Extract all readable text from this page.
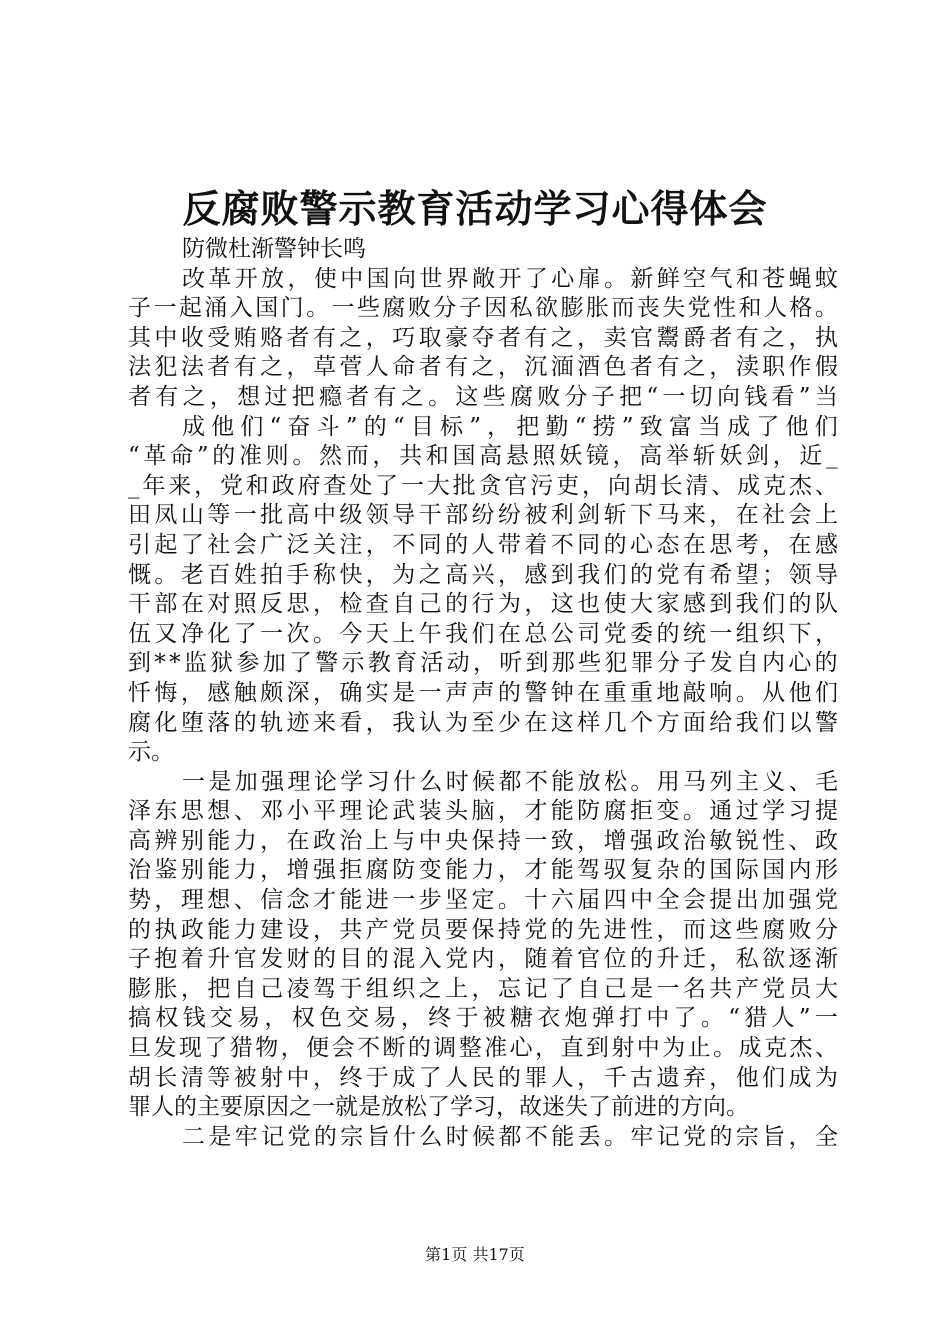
反腐败警示教育活动学习心得体会
防微杜渐警钟长鸣
改 革 开 放 ， 使 中 国 向 世 界 敞 开 了 心 扉 。 新 鲜 空 气 和 苍 蝇 蚊
子 一 起 涌 入 国 门 。 一 些 腐 败 分 子 因 私 欲 膨 胀 而 丧 失 党 性 和 人 格 。
其 中 收 受 贿 赂 者 有 之 ， 巧 取 豪 夺 者 有 之 ， 卖 官 鬻 爵 者 有 之 ， 执
法 犯 法 者 有 之 ， 草 菅 人 命 者 有 之 ， 沉 湎 酒 色 者 有 之 ， 渎 职 作 假
者 有 之 ， 想 过 把 瘾 者 有 之 。 这 些 腐 败 分 子 把 “ 一 切 向 钱 看 ” 当
成 他 们 “ 奋 斗 ” 的 “ 目 标 ” ， 把 勤 “ 捞 ” 致 富 当 成 了 他 们
“ 革 命 ” 的 准 则 。 然 而 ， 共 和 国 高 悬 照 妖 镜 ， 高 举 斩 妖 剑 ， 近 _
_ 年 来 ， 党 和 政 府 查 处 了 一 大 批 贪 官 污 吏 ， 向 胡 长 清 、 成 克 杰 、
田 凤 山 等 一 批 高 中 级 领 导 干 部 纷 纷 被 利 剑 斩 下 马 来 ， 在 社 会 上
引 起 了 社 会 广 泛 关 注 ， 不 同 的 人 带 着 不 同 的 心 态 在 思 考 ， 在 感
慨 。 老 百 姓 拍 手 称 快 ， 为 之 高 兴 ， 感 到 我 们 的 党 有 希 望 ； 领 导
干 部 在 对 照 反 思 ， 检 查 自 己 的 行 为 ， 这 也 使 大 家 感 到 我 们 的 队
伍 又 净 化 了 一 次 。 今 天 上 午 我 们 在 总 公 司 党 委 的 统 一 组 织 下 ，
到 * * 监 狱 参 加 了 警 示 教 育 活 动 ， 听 到 那 些 犯 罪 分 子 发 自 内 心 的
忏 悔 ， 感 触 颇 深 ， 确 实 是 一 声 声 的 警 钟 在 重 重 地 敲 响 。 从 他 们
腐 化 堕 落 的 轨 迹 来 看 ， 我 认 为 至 少 在 这 样 几 个 方 面 给 我 们 以 警
示。
一 是 加 强 理 论 学 习 什 么 时 候 都 不 能 放 松 。 用 马 列 主 义 、 毛
泽 东 思 想 、 邓 小 平 理 论 武 装 头 脑 ， 才 能 防 腐 拒 变 。 通 过 学 习 提
高 辨 别 能 力 ， 在 政 治 上 与 中 央 保 持 一 致 ， 增 强 政 治 敏 锐 性 、 政
治 鉴 别 能 力 ， 增 强 拒 腐 防 变 能 力 ， 才 能 驾 驭 复 杂 的 国 际 国 内 形
势 ， 理 想 、 信 念 才 能 进 一 步 坚 定 。 十 六 届 四 中 全 会 提 出 加 强 党
的 执 政 能 力 建 设 ， 共 产 党 员 要 保 持 党 的 先 进 性 ， 而 这 些 腐 败 分
子 抱 着 升 官 发 财 的 目 的 混 入 党 内 ， 随 着 官 位 的 升 迁 ， 私 欲 逐 渐
膨 胀 ， 把 自 己 凌 驾 于 组 织 之 上 ， 忘 记 了 自 己 是 一 名 共 产 党 员 大
搞 权 钱 交 易 ， 权 色 交 易 ， 终 于 被 糖 衣 炮 弹 打 中 了 。 “ 猎 人 ” 一
旦 发 现 了 猎 物 ， 便 会 不 断 的 调 整 准 心 ， 直 到 射 中 为 止 。 成 克 杰 、
胡 长 清 等 被 射 中 ， 终 于 成 了 人 民 的 罪 人 ， 千 古 遗 弃 ， 他 们 成 为
罪人的主要原因之一就是放松了学习，故迷失了前进的方向。
二 是 牢 记 党 的 宗 旨 什 么 时 候 都 不 能 丢 。 牢 记 党 的 宗 旨 ， 全
第1页 共17页
